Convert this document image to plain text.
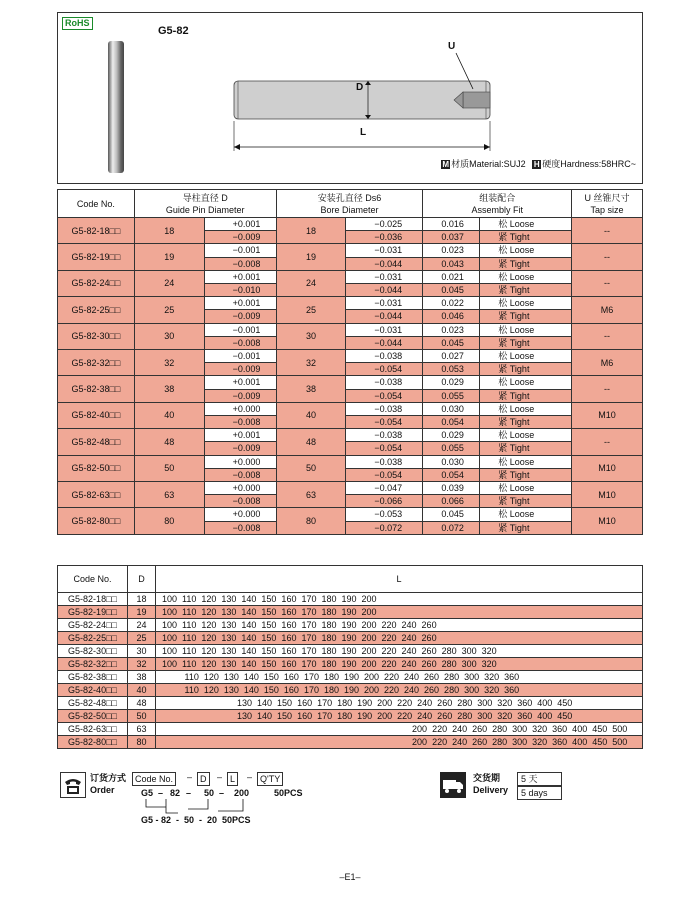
RoHS
G5-82
U
D
L
M 材质Material:SUJ2 H 硬度Hardness:58HRC~
Code No.	导柱直径 D
Guide Pin Diameter		安装孔直径 Ds6
Bore Diameter		组装配合
Assembly Fit		U 丝锥尺寸
Tap size
G5-82-18□□	18	+0.001	18	−0.025	0.016	松 Loose	--
		−0.009		−0.036	0.037	紧 Tight	
G5-82-19□□	19	−0.001	19	−0.031	0.023	松 Loose	--
		−0.008		−0.044	0.043	紧 Tight	
G5-82-24□□	24	+0.001	24	−0.031	0.021	松 Loose	--
		−0.010		−0.044	0.045	紧 Tight	
G5-82-25□□	25	+0.001	25	−0.031	0.022	松 Loose	M6
		−0.009		−0.044	0.046	紧 Tight	
G5-82-30□□	30	−0.001	30	−0.031	0.023	松 Loose	--
		−0.008		−0.044	0.045	紧 Tight	
G5-82-32□□	32	−0.001	32	−0.038	0.027	松 Loose	M6
		−0.009		−0.054	0.053	紧 Tight	
G5-82-38□□	38	+0.001	38	−0.038	0.029	松 Loose	--
		−0.009		−0.054	0.055	紧 Tight	
G5-82-40□□	40	+0.000	40	−0.038	0.030	松 Loose	M10
		−0.008		−0.054	0.054	紧 Tight	
G5-82-48□□	48	+0.001	48	−0.038	0.029	松 Loose	--
		−0.009		−0.054	0.055	紧 Tight	
G5-82-50□□	50	+0.000	50	−0.038	0.030	松 Loose	M10
		−0.008		−0.054	0.054	紧 Tight	
G5-82-63□□	63	+0.000	63	−0.047	0.039	松 Loose	M10
		−0.008		−0.066	0.066	紧 Tight	
G5-82-80□□	80	+0.000	80	−0.053	0.045	松 Loose	M10
		−0.008		−0.072	0.072	紧 Tight	
Code No.	D	L
G5-82-18□□	18	100  110  120  130  140  150  160  170  180  190  200
G5-82-19□□	19	100  110  120  130  140  150  160  170  180  190  200
G5-82-24□□	24	100  110  120  130  140  150  160  170  180  190  200  220  240  260
G5-82-25□□	25	100  110  120  130  140  150  160  170  180  190  200  220  240  260
G5-82-30□□	30	100  110  120  130  140  150  160  170  180  190  200  220  240  260  280  300  320
G5-82-32□□	32	100  110  120  130  140  150  160  170  180  190  200  220  240  260  280  300  320
G5-82-38□□	38	110  120  130  140  150  160  170  180  190  200  220  240  260  280  300  320  360
G5-82-40□□	40	110  120  130  140  150  160  170  180  190  200  220  240  260  280  300  320  360
G5-82-48□□	48	130  140  150  160  170  180  190  200  220  240  260  280  300  320  360  400  450
G5-82-50□□	50	130  140  150  160  170  180  190  200  220  240  260  280  300  320  360  400  450
G5-82-63□□	63	200  220  240  260  280  300  320  360  400  450  500
G5-82-80□□	80	200  220  240  260  280  300  320  360  400  450  500
订货方式
Order
Code No.	– D	– L	– Q'TY
G5 – 82 – 50 – 200	50PCS
G5 - 82  -  50  -  20  50PCS
交货期
Delivery
5 天
5 days
–E1–
